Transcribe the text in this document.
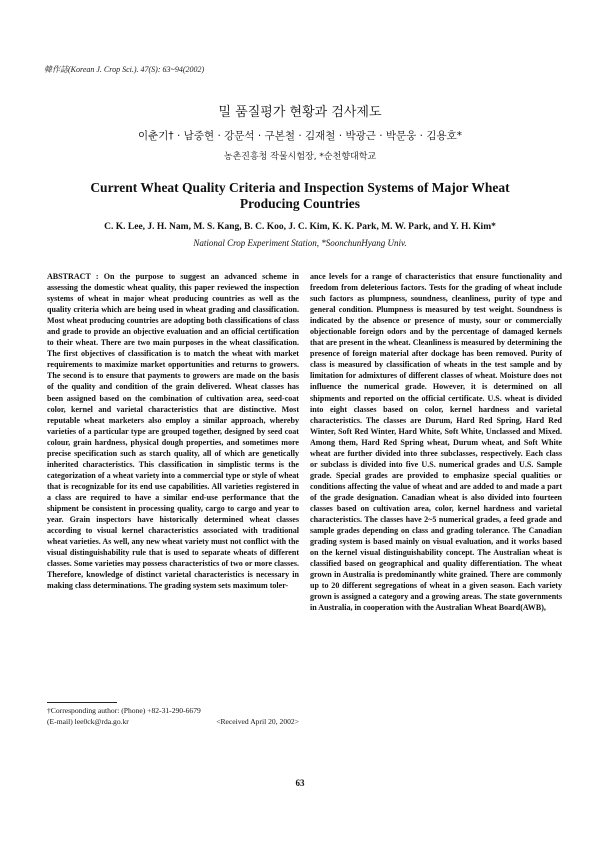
韓作誌(Korean J. Crop Sci.). 47(S): 63~94(2002)
밀 품질평가 현황과 검사제도
이춘기† · 남중현 · 강문석 · 구본철 · 김재철 · 박광근 · 박문웅 · 김용호*
농촌진흥청 작물시험장, *순천향대학교
Current Wheat Quality Criteria and Inspection Systems of Major Wheat Producing Countries
C. K. Lee, J. H. Nam, M. S. Kang, B. C. Koo, J. C. Kim, K. K. Park, M. W. Park, and Y. H. Kim*
National Crop Experiment Station, *SoonchunHyang Univ.
ABSTRACT : On the purpose to suggest an advanced scheme in assessing the domestic wheat quality, this paper reviewed the inspection systems of wheat in major wheat producing countries as well as the quality criteria which are being used in wheat grading and classification. Most wheat producing countries are adopting both classifications of class and grade to provide an objective evaluation and an official certification to their wheat. There are two main purposes in the wheat classification. The first objectives of classification is to match the wheat with market requirements to maximize market opportunities and returns to growers. The second is to ensure that payments to growers are made on the basis of the quality and condition of the grain delivered. Wheat classes has been assigned based on the combination of cultivation area, seed-coat color, kernel and varietal characteristics that are distinctive. Most reputable wheat marketers also employ a similar approach, whereby varieties of a particular type are grouped together, designed by seed coat colour, grain hardness, physical dough properties, and sometimes more precise specification such as starch quality, all of which are genetically inherited characteristics. This classification in simplistic terms is the categorization of a wheat variety into a commercial type or style of wheat that is recognizable for its end use capabilities. All varieties registered in a class are required to have a similar end-use performance that the shipment be consistent in processing quality, cargo to cargo and year to year. Grain inspectors have historically determined wheat classes according to visual kernel characteristics associated with traditional wheat varieties. As well, any new wheat variety must not conflict with the visual distinguishability rule that is used to separate wheats of different classes. Some varieties may possess characteristics of two or more classes. Therefore, knowledge of distinct varietal characteristics is necessary in making class determinations. The grading system sets maximum toler-
ance levels for a range of characteristics that ensure functionality and freedom from deleterious factors. Tests for the grading of wheat include such factors as plumpness, soundness, cleanliness, purity of type and general condition. Plumpness is measured by test weight. Soundness is indicated by the absence or presence of musty, sour or commercially objectionable foreign odors and by the percentage of damaged kernels that are present in the wheat. Cleanliness is measured by determining the presence of foreign material after dockage has been removed. Purity of class is measured by classification of wheats in the test sample and by limitation for admixtures of different classes of wheat. Moisture does not influence the numerical grade. However, it is determined on all shipments and reported on the official certificate. U.S. wheat is divided into eight classes based on color, kernel hardness and varietal characteristics. The classes are Durum, Hard Red Spring, Hard Red Winter, Soft Red Winter, Hard White, Soft White, Unclassed and Mixed. Among them, Hard Red Spring wheat, Durum wheat, and Soft White wheat are further divided into three subclasses, respectively. Each class or subclass is divided into five U.S. numerical grades and U.S. Sample grade. Special grades are provided to emphasize special qualities or conditions affecting the value of wheat and are added to and made a part of the grade designation. Canadian wheat is also divided into fourteen classes based on cultivation area, color, kernel hardness and varietal characteristics. The classes have 2~5 numerical grades, a feed grade and sample grades depending on class and grading tolerance. The Canadian grading system is based mainly on visual evaluation, and it works based on the kernel visual distinguishability concept. The Australian wheat is classified based on geographical and quality differentiation. The wheat grown in Australia is predominantly white grained. There are commonly up to 20 different segregations of wheat in a given season. Each variety grown is assigned a category and a growing areas. The state governments in Australia, in cooperation with the Australian Wheat Board(AWB),
†Corresponding author: (Phone) +82-31-290-6679
(E-mail) lee0ck@rda.go.kr	<Received April 20, 2002>
63
